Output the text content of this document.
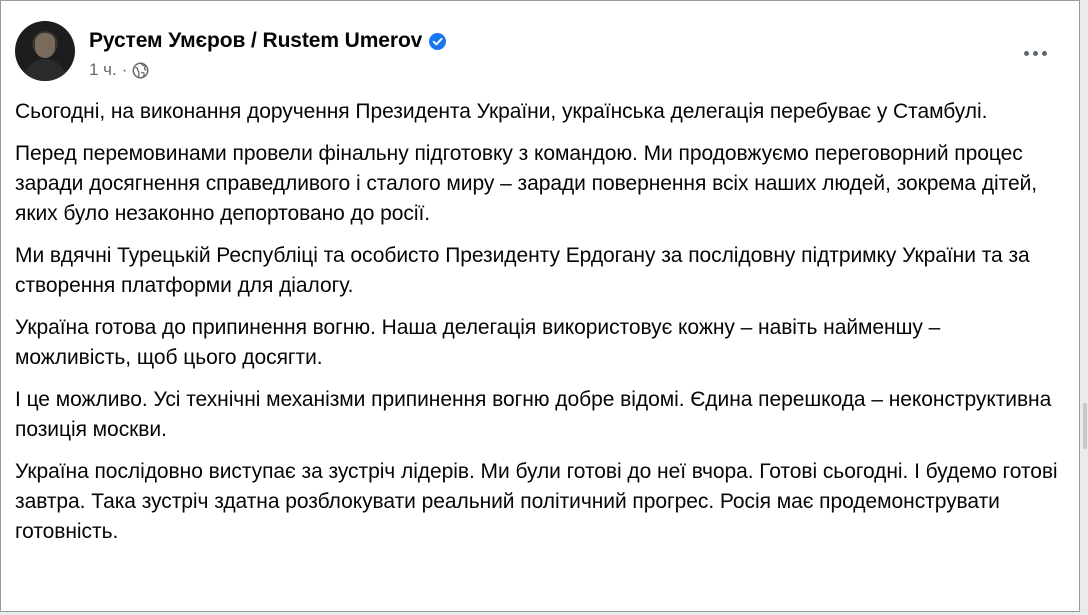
Рустем Умєров / Rustem Umerov
1 ч. ·

Сьогодні, на виконання доручення Президента України, українська делегація перебуває у Стамбулі.

Перед перемовинами провели фінальну підготовку з командою. Ми продовжуємо переговорний процес заради досягнення справедливого і сталого миру – заради повернення всіх наших людей, зокрема дітей, яких було незаконно депортовано до росії.

Ми вдячні Турецькій Республіці та особисто Президенту Ердогану за послідовну підтримку України та за створення платформи для діалогу.

Україна готова до припинення вогню. Наша делегація використовує кожну – навіть найменшу – можливість, щоб цього досягти.

І це можливо. Усі технічні механізми припинення вогню добре відомі. Єдина перешкода – неконструктивна позиція москви.

Україна послідовно виступає за зустріч лідерів. Ми були готові до неї вчора. Готові сьогодні. І будемо готові завтра. Така зустріч здатна розблокувати реальний політичний прогрес. Росія має продемонструвати готовність.
